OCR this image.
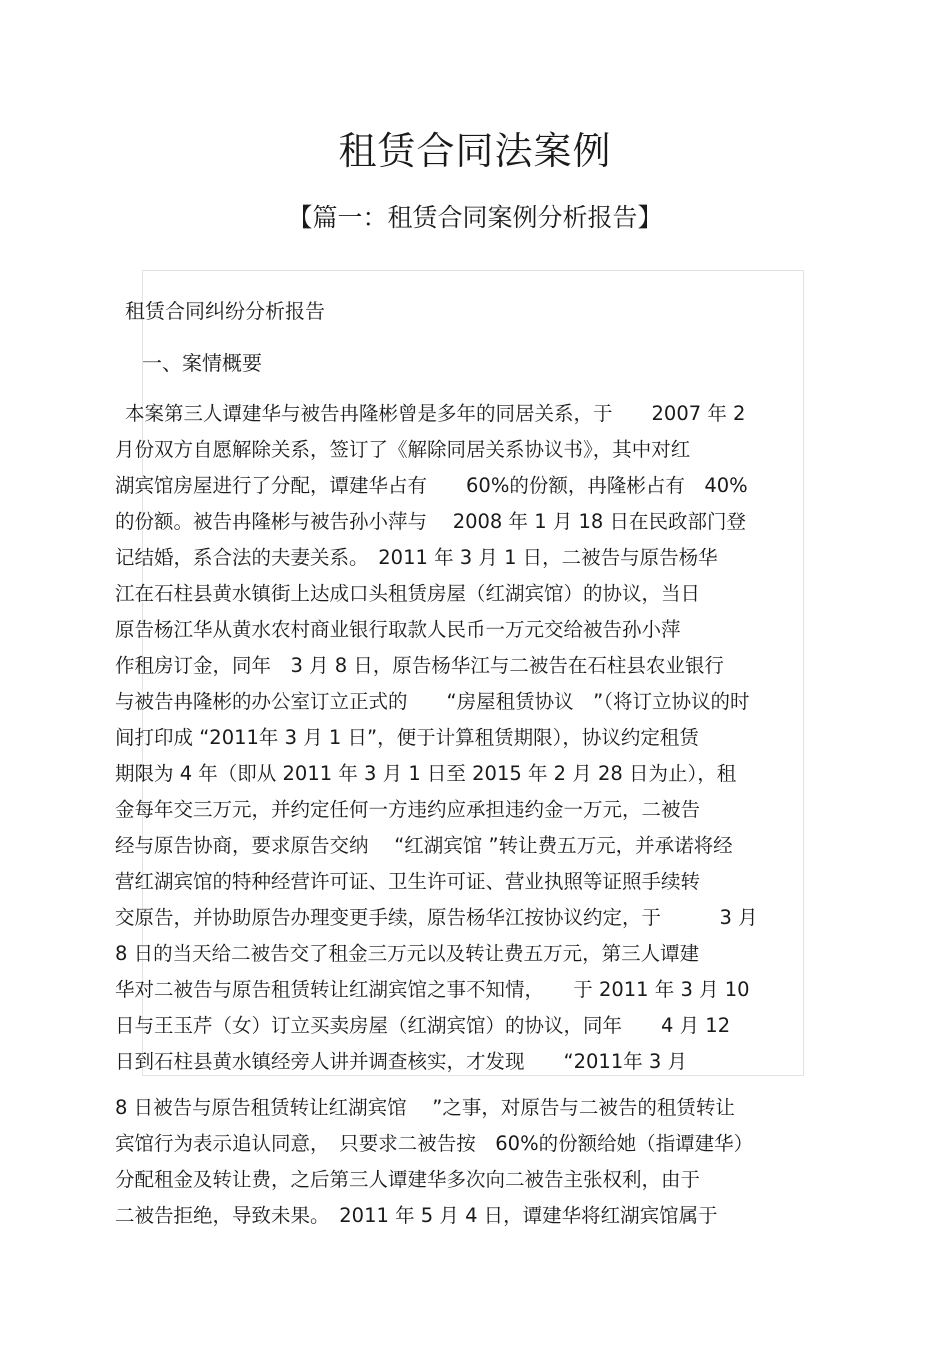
租赁合同法案例
【篇一：租赁合同案例分析报告】
租赁合同纠纷分析报告
一、案情概要
本案第三人谭建华与被告冉隆彬曾是多年的同居关系，于　　2007 年 2
月份双方自愿解除关系，签订了《解除同居关系协议书》，其中对红
湖宾馆房屋进行了分配，谭建华占有　　60%的份额，冉隆彬占有　40%
的份额。被告冉隆彬与被告孙小萍与　 2008 年 1 月 18 日在民政部门登
记结婚，系合法的夫妻关系。　2011 年 3 月 1 日，二被告与原告杨华
江在石柱县黄水镇街上达成口头租赁房屋（红湖宾馆）的协议，当日
原告杨江华从黄水农村商业银行取款人民币一万元交给被告孙小萍
作租房订金，同年　3 月 8 日，原告杨华江与二被告在石柱县农业银行
与被告冉隆彬的办公室订立正式的　　“房屋租赁协议　”（将订立协议的时
间打印成 “2011年 3 月 1 日”，便于计算租赁期限），协议约定租赁
期限为 4 年（即从 2011 年 3 月 1 日至 2015 年 2 月 28 日为止），租
金每年交三万元，并约定任何一方违约应承担违约金一万元，二被告
经与原告协商，要求原告交纳　 “红湖宾馆 ”转让费五万元，并承诺将经
营红湖宾馆的特种经营许可证、卫生许可证、营业执照等证照手续转
交原告，并协助原告办理变更手续，原告杨华江按协议约定，于　　　3 月
8 日的当天给二被告交了租金三万元以及转让费五万元，第三人谭建
华对二被告与原告租赁转让红湖宾馆之事不知情，　　于 2011 年 3 月 10
日与王玉芹（女）订立买卖房屋（红湖宾馆）的协议，同年　　4 月 12
日到石柱县黄水镇经旁人讲并调查核实，才发现　　“2011年 3 月
8 日被告与原告租赁转让红湖宾馆　 ”之事，对原告与二被告的租赁转让
宾馆行为表示追认同意，　只要求二被告按　60%的份额给她（指谭建华）
分配租金及转让费，之后第三人谭建华多次向二被告主张权利，由于
二被告拒绝，导致未果。　2011 年 5 月 4 日，谭建华将红湖宾馆属于
